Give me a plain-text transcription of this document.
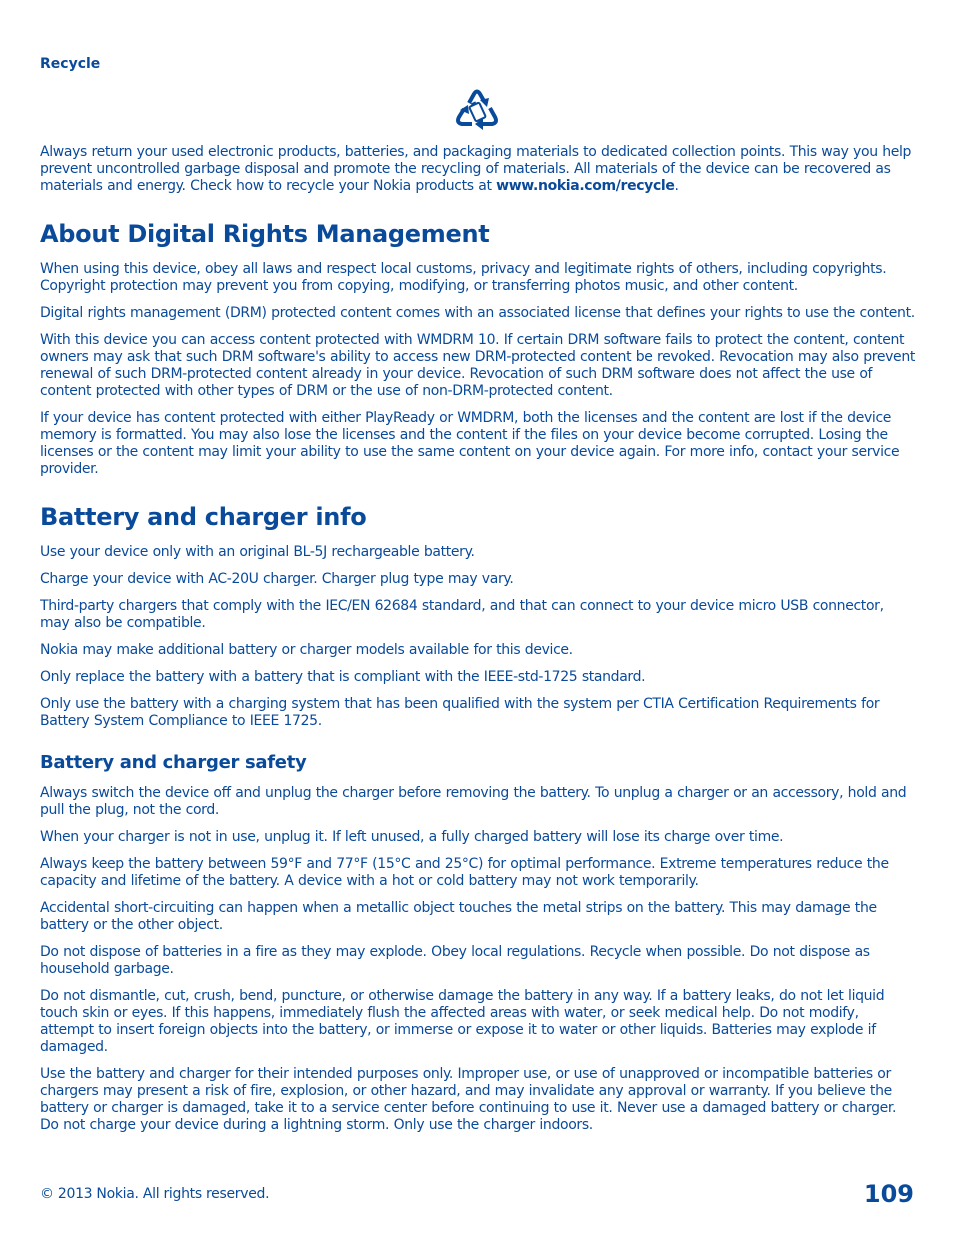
Recycle

Always return your used electronic products, batteries, and packaging materials to dedicated collection points. This way you help prevent uncontrolled garbage disposal and promote the recycling of materials. All materials of the device can be recovered as materials and energy. Check how to recycle your Nokia products at www.nokia.com/recycle.

About Digital Rights Management

When using this device, obey all laws and respect local customs, privacy and legitimate rights of others, including copyrights. Copyright protection may prevent you from copying, modifying, or transferring photos music, and other content.

Digital rights management (DRM) protected content comes with an associated license that defines your rights to use the content.

With this device you can access content protected with WMDRM 10. If certain DRM software fails to protect the content, content owners may ask that such DRM software's ability to access new DRM-protected content be revoked. Revocation may also prevent renewal of such DRM-protected content already in your device. Revocation of such DRM software does not affect the use of content protected with other types of DRM or the use of non-DRM-protected content.

If your device has content protected with either PlayReady or WMDRM, both the licenses and the content are lost if the device memory is formatted. You may also lose the licenses and the content if the files on your device become corrupted. Losing the licenses or the content may limit your ability to use the same content on your device again. For more info, contact your service provider.

Battery and charger info

Use your device only with an original BL-5J rechargeable battery.

Charge your device with AC-20U charger. Charger plug type may vary.

Third-party chargers that comply with the IEC/EN 62684 standard, and that can connect to your device micro USB connector, may also be compatible.

Nokia may make additional battery or charger models available for this device.

Only replace the battery with a battery that is compliant with the IEEE-std-1725 standard.

Only use the battery with a charging system that has been qualified with the system per CTIA Certification Requirements for Battery System Compliance to IEEE 1725.

Battery and charger safety

Always switch the device off and unplug the charger before removing the battery. To unplug a charger or an accessory, hold and pull the plug, not the cord.

When your charger is not in use, unplug it. If left unused, a fully charged battery will lose its charge over time.

Always keep the battery between 59°F and 77°F (15°C and 25°C) for optimal performance. Extreme temperatures reduce the capacity and lifetime of the battery. A device with a hot or cold battery may not work temporarily.

Accidental short-circuiting can happen when a metallic object touches the metal strips on the battery. This may damage the battery or the other object.

Do not dispose of batteries in a fire as they may explode. Obey local regulations. Recycle when possible. Do not dispose as household garbage.

Do not dismantle, cut, crush, bend, puncture, or otherwise damage the battery in any way. If a battery leaks, do not let liquid touch skin or eyes. If this happens, immediately flush the affected areas with water, or seek medical help. Do not modify, attempt to insert foreign objects into the battery, or immerse or expose it to water or other liquids. Batteries may explode if damaged.

Use the battery and charger for their intended purposes only. Improper use, or use of unapproved or incompatible batteries or chargers may present a risk of fire, explosion, or other hazard, and may invalidate any approval or warranty. If you believe the battery or charger is damaged, take it to a service center before continuing to use it. Never use a damaged battery or charger. Do not charge your device during a lightning storm. Only use the charger indoors.

© 2013 Nokia. All rights reserved.	109
